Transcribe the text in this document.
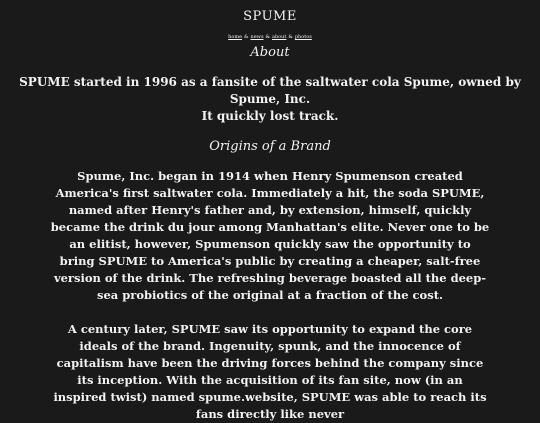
SPUME
home & news & about & photos
About
SPUME started in 1996 as a fansite of the saltwater cola Spume, owned by Spume, Inc.
It quickly lost track.
Origins of a Brand

Spume, Inc. began in 1914 when Henry Spumenson created America's first saltwater cola. Immediately a hit, the soda SPUME, named after Henry's father and, by extension, himself, quickly became the drink du jour among Manhattan's elite. Never one to be an elitist, however, Spumenson quickly saw the opportunity to bring SPUME to America's public by creating a cheaper, salt-free version of the drink. The refreshing beverage boasted all the deep-sea probiotics of the original at a fraction of the cost.

A century later, SPUME saw its opportunity to expand the core ideals of the brand. Ingenuity, spunk, and the innocence of capitalism have been the driving forces behind the company since its inception. With the acquisition of its fan site, now (in an inspired twist) named spume.website, SPUME was able to reach its fans directly like never
